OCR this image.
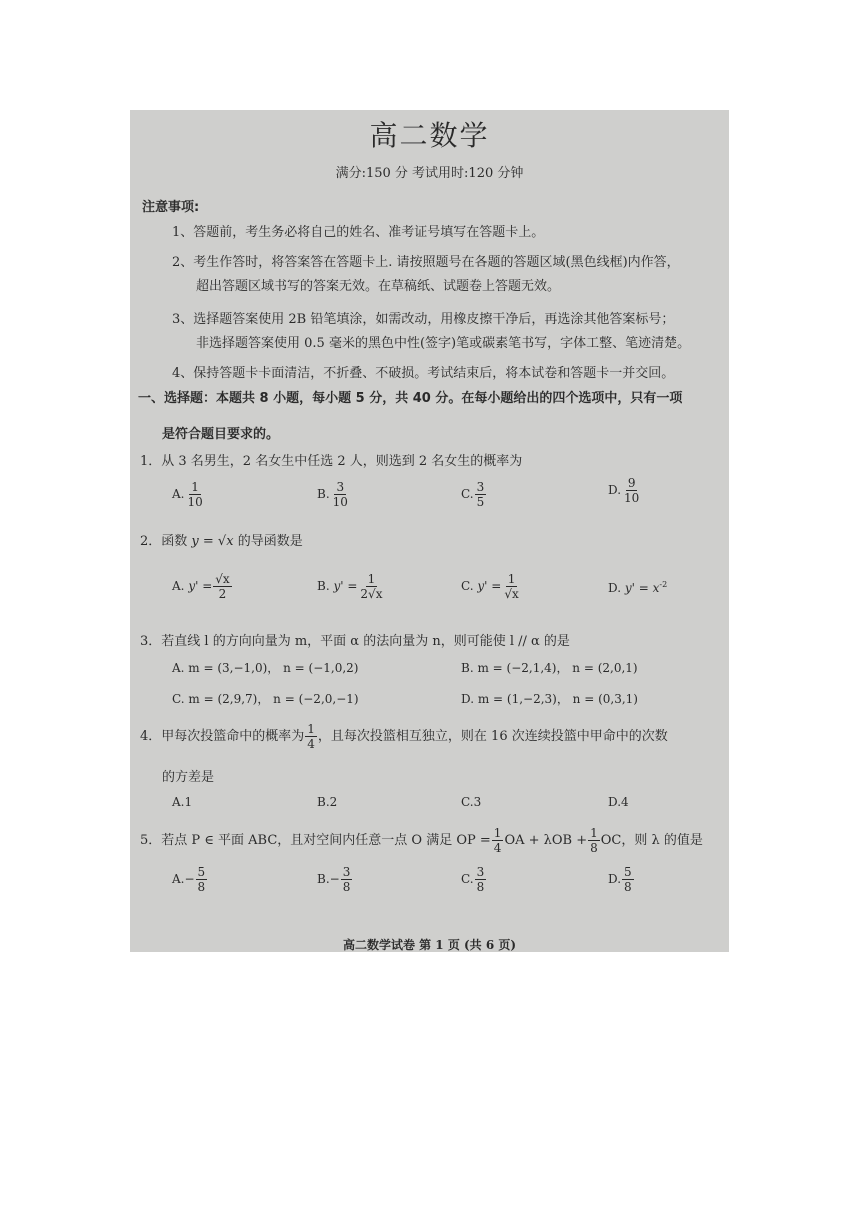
高二数学
满分:150 分 考试用时:120 分钟
注意事项:
1、答题前，考生务必将自己的姓名、准考证号填写在答题卡上。
2、考生作答时，将答案答在答题卡上. 请按照题号在各题的答题区域(黑色线框)内作答，
超出答题区域书写的答案无效。在草稿纸、试题卷上答题无效。
3、选择题答案使用 2B 铅笔填涂，如需改动，用橡皮擦干净后，再选涂其他答案标号；
非选择题答案使用 0.5 毫米的黑色中性(签字)笔或碳素笔书写，字体工整、笔迹清楚。
4、保持答题卡卡面清洁，不折叠、不破损。考试结束后，将本试卷和答题卡一并交回。
一、选择题：本题共 8 小题，每小题 5 分，共 40 分。在每小题给出的四个选项中，只有一项
是符合题目要求的。
1．从 3 名男生，2 名女生中任选 2 人，则选到 2 名女生的概率为
A. $\frac{1}{10}$	B. $\frac{3}{10}$	C. $\frac{3}{5}$	D. $\frac{9}{10}$
2．函数 y = √x 的导函数是
A. $y' = \frac{√x}{2}$	B. $y' = \frac{1}{2√x}$	C. $y' = \frac{1}{√x}$	D. $y' = x^{-2}$
3．若直线 l 的方向向量为 m，平面 α 的法向量为 n，则可能使 l // α 的是
A. m = (3,−1,0)， n = (−1,0,2)	B. m = (−2,1,4)， n = (2,0,1)
C. m = (2,9,7)， n = (−2,0,−1)	D. m = (1,−2,3)， n = (0,3,1)
4．甲每次投篮命中的概率为 $\frac{1}{4}$ ，且每次投篮相互独立，则在 16 次连续投篮中甲命中的次数
的方差是
A.1	B.2	C.3	D.4
5．若点 P ∈ 平面 ABC，且对空间内任意一点 O 满足 OP = $\frac{1}{4}$ OA + $\lambda OB + \frac{1}{8}$ OC，则 λ 的值是
$A.- \frac{5}{8}$	$B.- \frac{3}{8}$	C. $\frac{3}{8}$	D. $\frac{5}{8}$
高二数学试卷 第 1 页 (共 6 页)
